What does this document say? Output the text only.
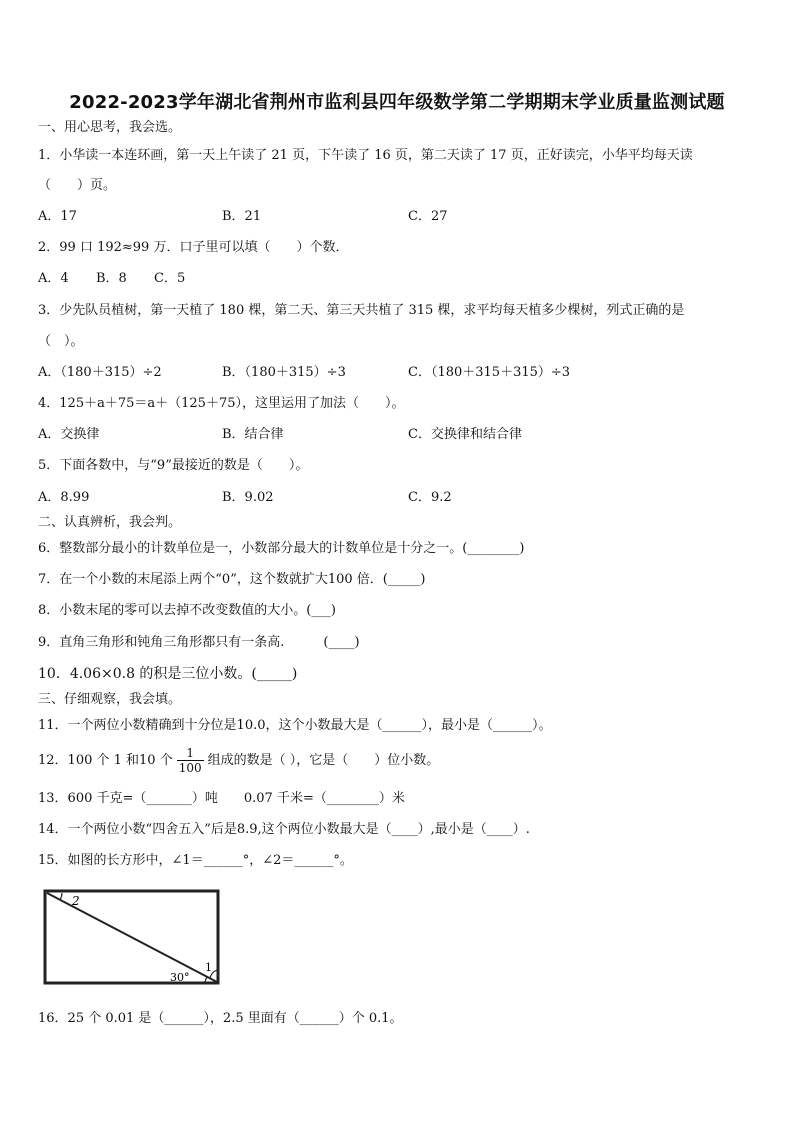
2022-2023学年湖北省荆州市监利县四年级数学第二学期期末学业质量监测试题
一、用心思考，我会选。
1．小华读一本连环画，第一天上午读了 21 页，下午读了 16 页，第二天读了 17 页，正好读完，小华平均每天读
（　　）页。
A．17	B．21	C．27
2．99 口 192≈99 万．口子里可以填（　　）个数．
A．4 B．8 C．5
3．少先队员植树，第一天植了 180 棵，第二天、第三天共植了 315 棵，求平均每天植多少棵树，列式正确的是
（　）。
A．（180＋315）÷2	B．（180＋315）÷3	C．（180＋315＋315）÷3
4．125＋a＋75＝a＋（125＋75），这里运用了加法（　　）。
A．交换律	B．结合律	C．交换律和结合律
5．下面各数中，与“9”最接近的数是（　　）。
A．8.99	B．9.02	C．9.2
二、认真辨析，我会判。
6．整数部分最小的计数单位是一，小数部分最大的计数单位是十分之一。(________)
7．在一个小数的末尾添上两个“0”，这个数就扩大100 倍．(_____)
8．小数末尾的零可以去掉不改变数值的大小。(___)
9．直角三角形和钝角三角形都只有一条高.　　　(____)
10．4.06×0.8 的积是三位小数。(_____)
三、仔细观察，我会填。
11．一个两位小数精确到十分位是10.0，这个小数最大是（______），最小是（______）。
12．100 个 1 和10 个 $\frac{1}{100}$ 组成的数是（ ），它是（　　）位小数。
13．600 千克=（_______）吨　　0.07 千米=（________）米
14．一个两位小数“四舍五入”后是8.9,这个两位小数最大是（____）,最小是（____）.
15．如图的长方形中，∠1＝______°，∠2＝______°。
2
1
30°
16．25 个 0.01 是（______），2.5 里面有（______）个 0.1。
